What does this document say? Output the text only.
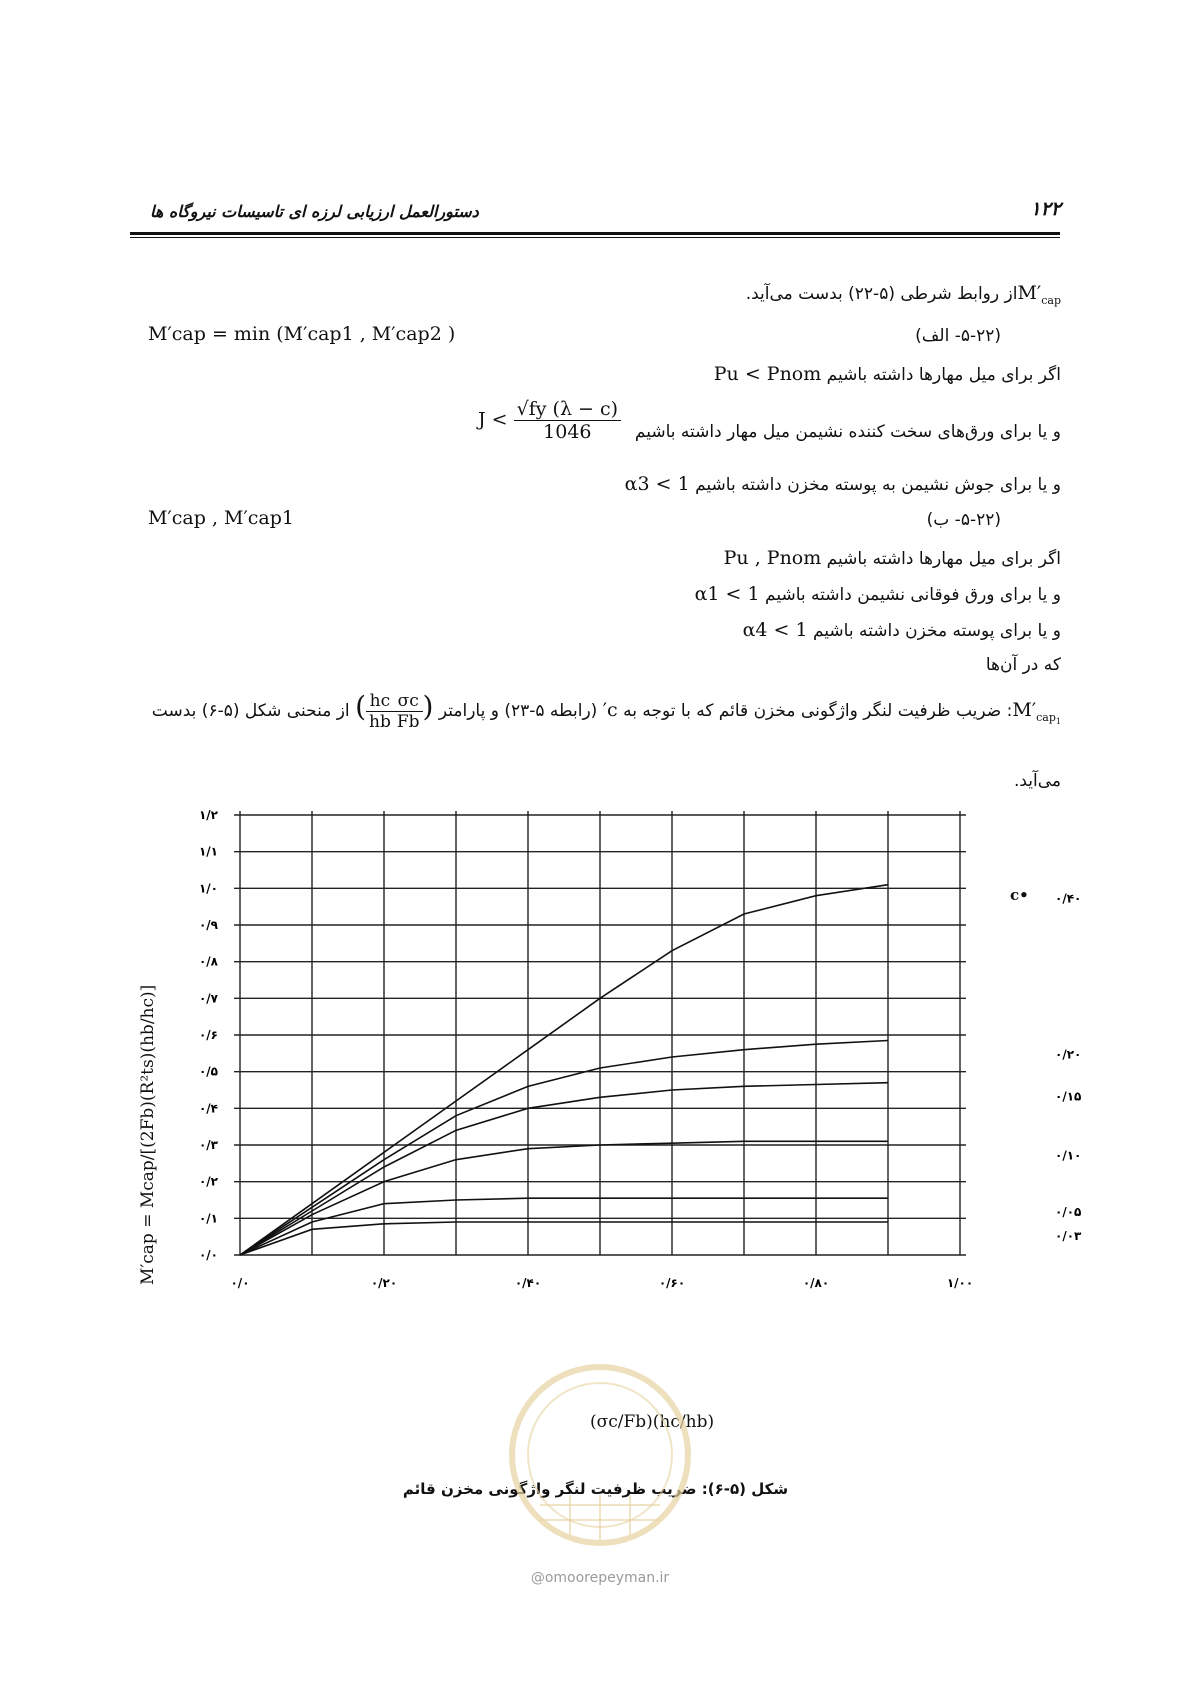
دستورالعمل ارزیابی لرزه ای تاسیسات نیروگاه ها	۱۲۲
$M'_{cap}از$ روابط شرطی (۵-۲۲) بدست می‌آید.
M′cap = min (M′cap1 , M′cap2 )	(۵-۲۲- الف)
اگر برای میل مهارها داشته باشیم Pu < Pnom
و یا برای ورق‌های سخت کننده نشیمن میل مهار داشته باشیم
$J < \frac{√fy (\lambda - c)}{1046}$
و یا برای جوش نشیمن به پوسته مخزن داشته باشیم α3 < 1
M′cap , M′cap1	(۵-۲۲- ب)
اگر برای میل مهارها داشته باشیم Pu , Pnom
و یا برای ورق فوقانی نشیمن داشته باشیم α1 < 1
و یا برای پوسته مخزن داشته باشیم α4 < 1
که در آن‌ها
$M'_{cap_1}$: ضریب ظرفیت لنگر واژگونی مخزن قائم که با توجه به c′ (رابطه ۵-۲۳) و پارامتر (
$\frac{\sigma c}{Fb}$
$\frac{hc}{hb}$
) از منحنی شکل (۵-۶) بدست
می‌آید.
۰/۴۰
۰/۲۰
۰/۱۵
۰/۱۰
۰/۰۵
۰/۰۳
۰/۰
۰/۱
۰/۲
۰/۳
۰/۴
۰/۵
۰/۶
۰/۷
۰/۸
۰/۹
۱/۰
۱/۱
۱/۲
۰/۰	۰/۲۰	۰/۴۰	۰/۶۰	۰/۸۰	۱/۰۰
M′cap = Mcap/[(2Fb)(R²ts)(hb/hc)]
(σc/Fb)(hc/hb)
c•
شکل (۵-۶): ضریب ظرفیت لنگر واژگونی مخزن قائم
@omoorepeyman.ir
